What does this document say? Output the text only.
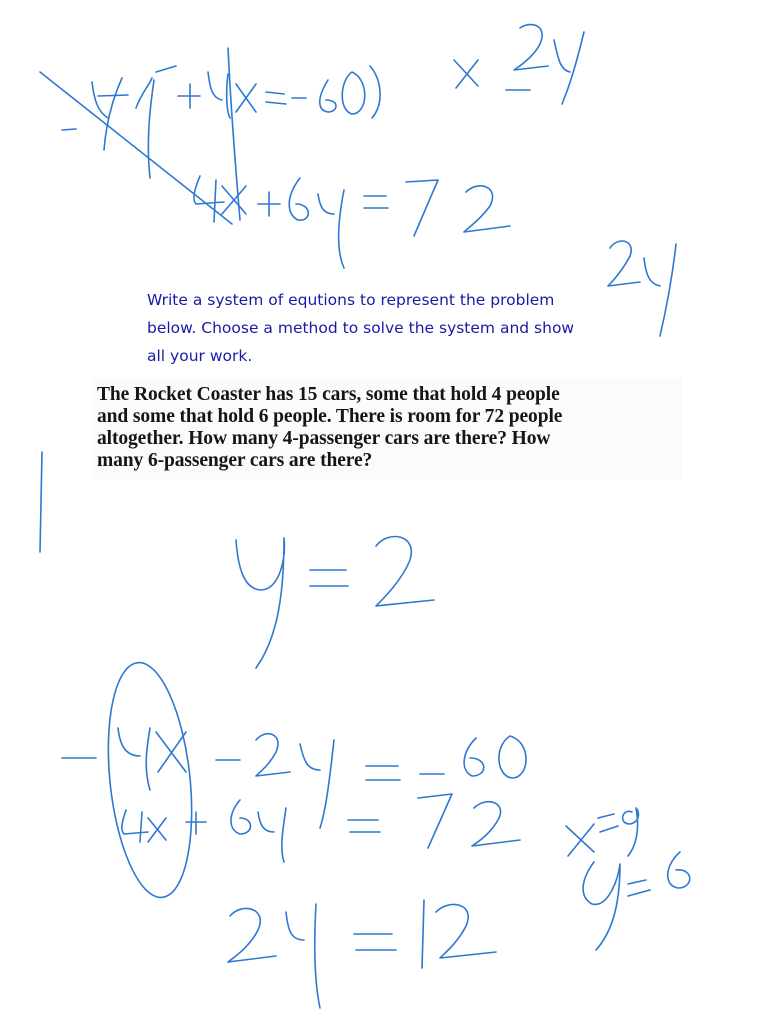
Write a system of equtions to represent the problem
below. Choose a method to solve the system and show
all your work.
The Rocket Coaster has 15 cars, some that hold 4 people
and some that hold 6 people. There is room for 72 people
altogether. How many 4-passenger cars are there? How
many 6-passenger cars are there?
